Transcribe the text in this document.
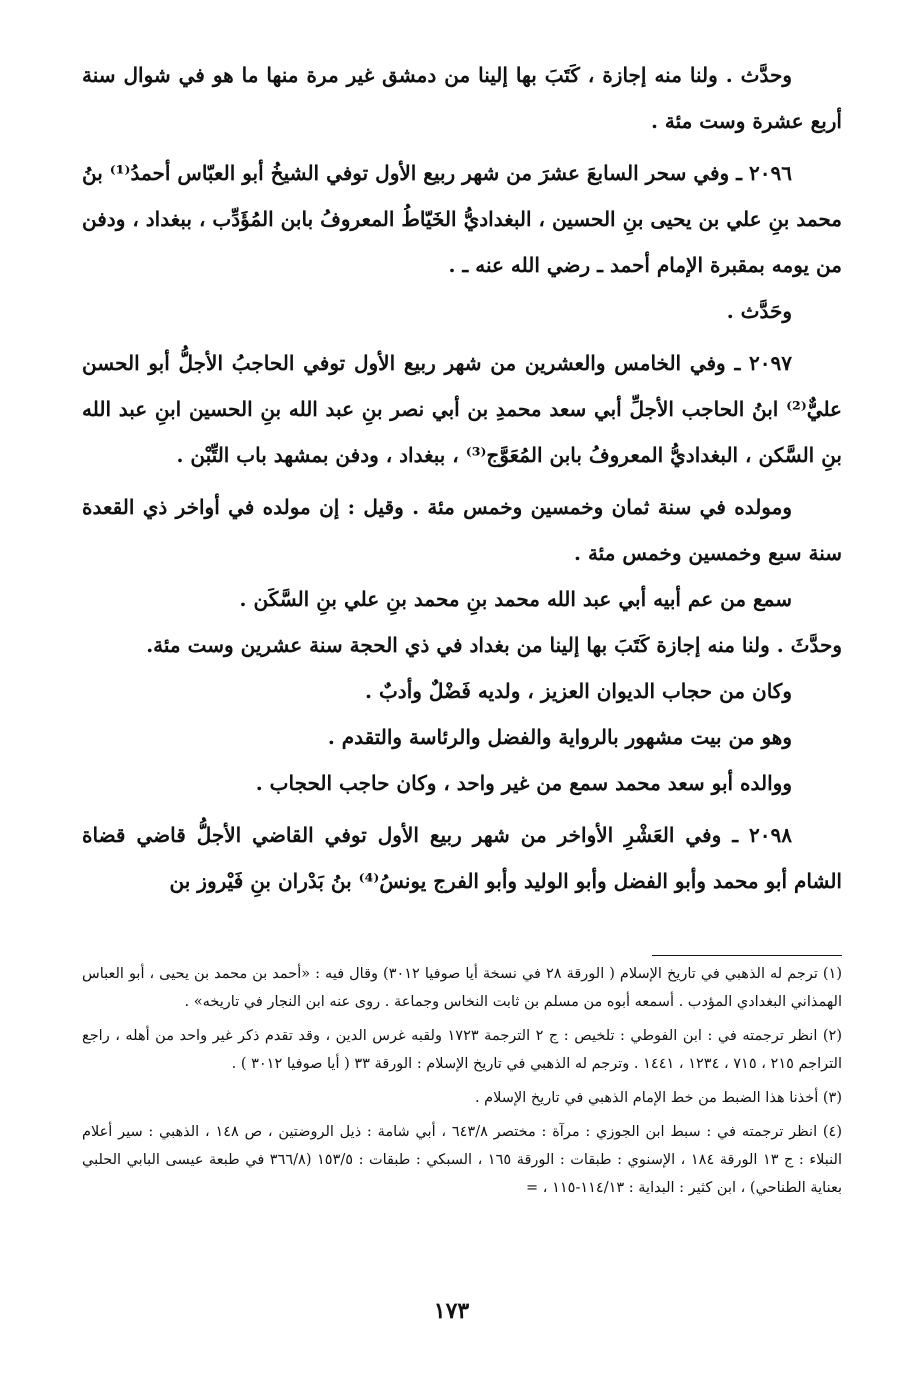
وحدَّث . ولنا منه إجازة ، كَتَبَ بها إلينا من دمشق غير مرة منها ما هو في شوال سنة أربع عشرة وست مئة .

٢٠٩٦ ـ وفي سحر السابعَ عشرَ من شهر ربيع الأول توفي الشيخُ أبو العبّاس أحمدُ⁽¹⁾ بنُ محمد بنِ علي بن يحيى بنِ الحسين ، البغداديُّ الخَيّاطُ المعروفُ بابن المُؤَدِّب ، ببغداد ، ودفن من يومه بمقبرة الإمام أحمد ـ رضي الله عنه ـ .

وحَدَّث .

٢٠٩٧ ـ وفي الخامس والعشرين من شهر ربيع الأول توفي الحاجبُ الأجلُّ أبو الحسن عليٌّ⁽²⁾ ابنُ الحاجب الأجلِّ أبي سعد محمدِ بن أبي نصر بنِ عبد الله بنِ الحسين ابنِ عبد الله بنِ السَّكن ، البغداديُّ المعروفُ بابن المُعَوَّج⁽³⁾ ، ببغداد ، ودفن بمشهد باب التِّبْن .

ومولده في سنة ثمان وخمسين وخمس مئة . وقيل : إن مولده في أواخر ذي القعدة سنة سبع وخمسين وخمس مئة .

سمع من عم أبيه أبي عبد الله محمد بنِ محمد بنِ علي بنِ السَّكَن .

وحدَّثَ . ولنا منه إجازة كَتَبَ بها إلينا من بغداد في ذي الحجة سنة عشرين وست مئة.

وكان من حجاب الديوان العزيز ، ولديه فَضْلٌ وأدبٌ .

وهو من بيت مشهور بالرواية والفضل والرئاسة والتقدم .

ووالده أبو سعد محمد سمع من غير واحد ، وكان حاجب الحجاب .

٢٠٩٨ ـ وفي العَشْرِ الأواخر من شهر ربيع الأول توفي القاضي الأجلُّ قاضي قضاة الشام أبو محمد وأبو الفضل وأبو الوليد وأبو الفرج يونسُ⁽⁴⁾ بنُ بَدْران بنِ فَيْروز بن

(١) ترجم له الذهبي في تاريخ الإسلام ( الورقة ٢٨ في نسخة أيا صوفيا ٣٠١٢) وقال فيه : «أحمد بن محمد بن يحيى ، أبو العباس الهمذاني البغدادي المؤدب . أسمعه أبوه من مسلم بن ثابت النخاس وجماعة . روى عنه ابن النجار في تاريخه» .

(٢) انظر ترجمته في : ابن الفوطي : تلخيص : ج ٢ الترجمة ١٧٢٣ ولقبه غرس الدين ، وقد تقدم ذكر غير واحد من أهله ، راجع التراجم ٢١٥ ، ٧١٥ ، ١٢٣٤ ، ١٤٤١ . وترجم له الذهبي في تاريخ الإسلام : الورقة ٣٣ ( أيا صوفيا ٣٠١٢ ) .

(٣) أخذنا هذا الضبط من خط الإمام الذهبي في تاريخ الإسلام .

(٤) انظر ترجمته في : سبط ابن الجوزي : مرآة : مختصر ٦٤٣/٨ ، أبي شامة : ذيل الروضتين ، ص ١٤٨ ، الذهبي : سير أعلام النبلاء : ج ١٣ الورقة ١٨٤ ، الإسنوي : طبقات : الورقة ١٦٥ ، السبكي : طبقات : ١٥٣/٥ (٣٦٦/٨ في طبعة عيسى البابي الحلبي بعناية الطناحي) ، ابن كثير : البداية : ١١٤/١٣-١١٥ ، =

١٧٣
